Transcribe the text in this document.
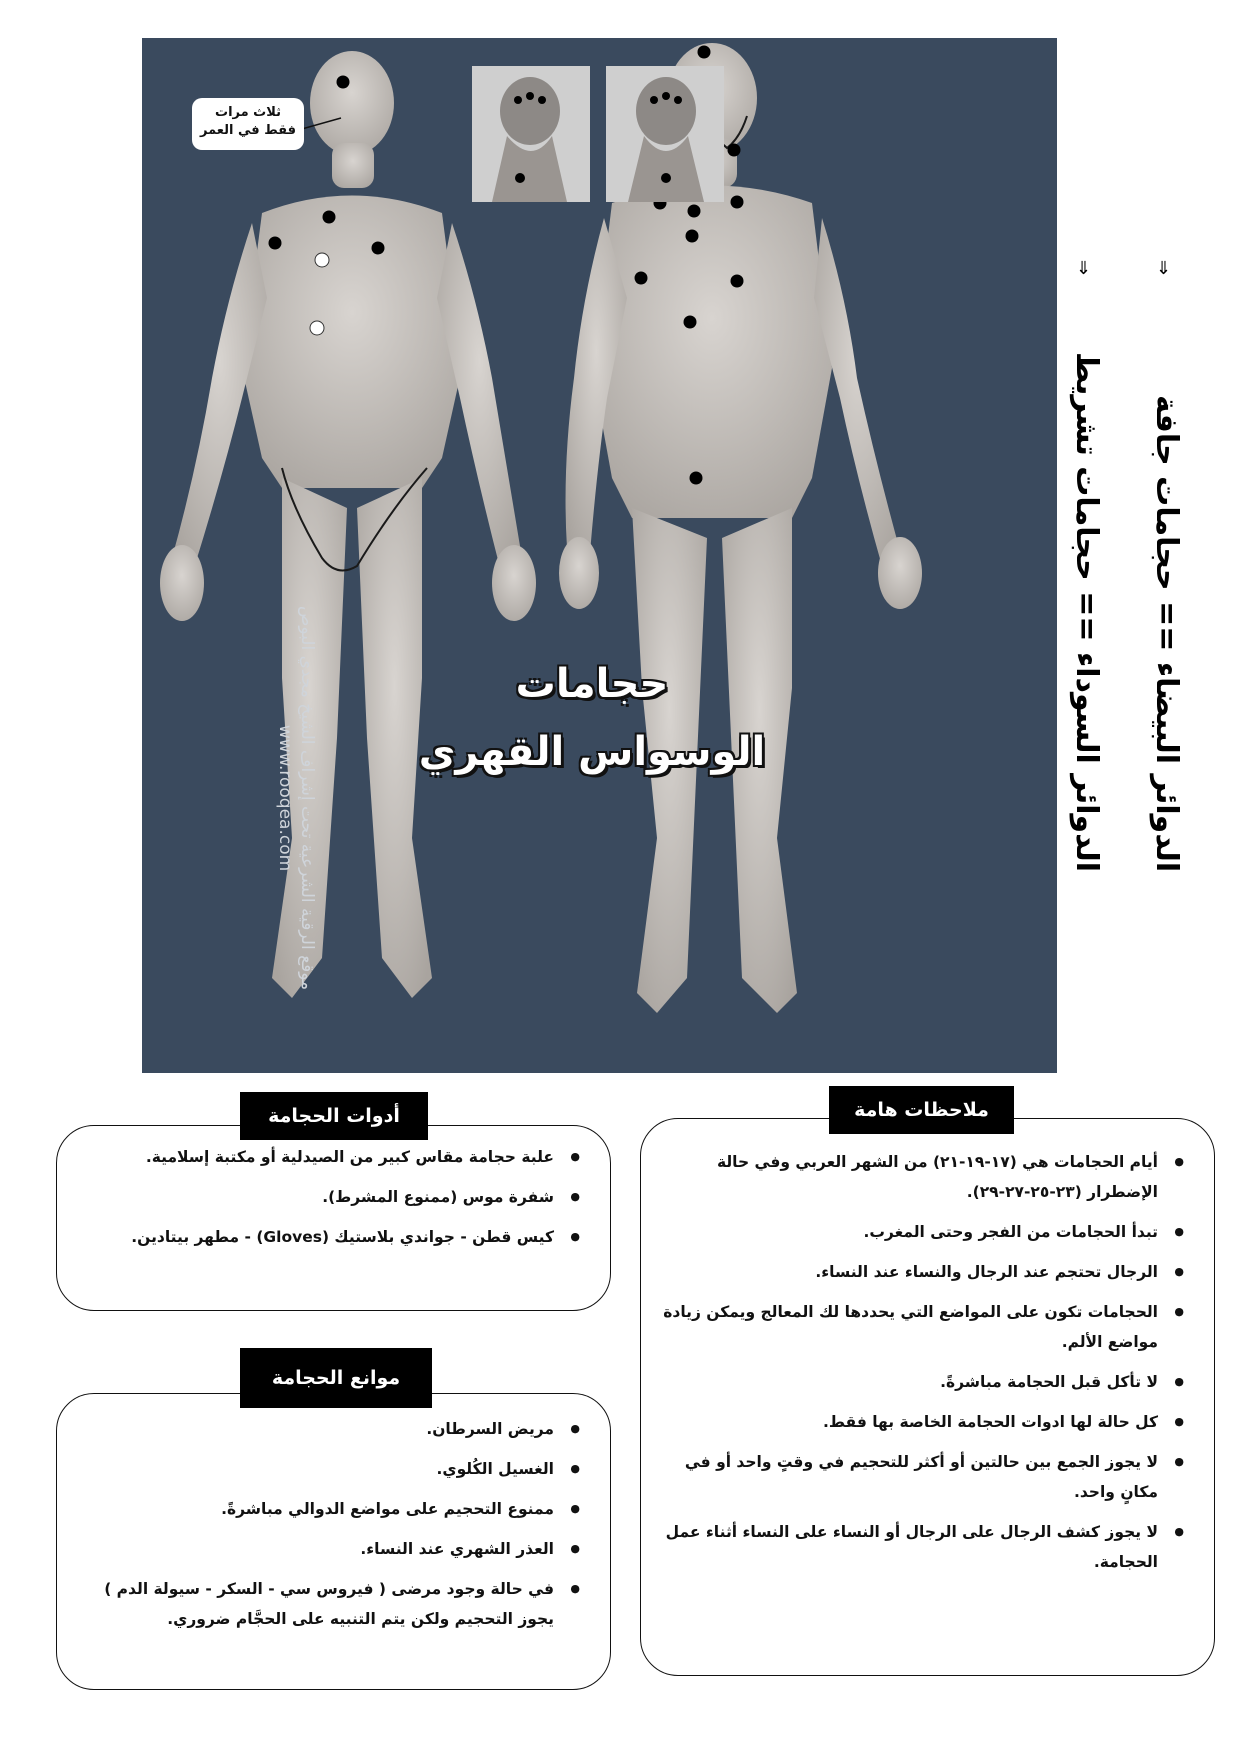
ثلاث مرات
فقط في العمر
حجامات
الوسواس القهري
موقع الرقية الشرعية تحت إشراف الشيخ مجدي البوص
www.rooqea.com
⇓
الدوائر السوداء == حجامات تشريط
⇓
الدوائر البيضاء == حجامات جافة
● أيام الحجامات هي (١٧-١٩-٢١) من الشهر العربي وفي حالة الإضطرار (٢٣-٢٥-٢٧-٢٩).
● تبدأ الحجامات من الفجر وحتى المغرب.
● الرجال تحتجم عند الرجال والنساء عند النساء.
● الحجامات تكون على المواضع التي يحددها لك المعالج ويمكن زيادة مواضع الألم.
● لا تأكل قبل الحجامة مباشرةً.
● كل حالة لها ادوات الحجامة الخاصة بها فقط.
● لا يجوز الجمع بين حالتين أو أكثر للتحجيم في وقتٍ واحد أو في مكانٍ واحد.
● لا يجوز كشف الرجال على الرجال أو النساء على النساء أثناء عمل الحجامة.
ملاحظات هامة
● علبة حجامة مقاس كبير من الصيدلية أو مكتبة إسلامية.
● شفرة موس (ممنوع المشرط).
● كيس قطن - جواندي بلاستيك (Gloves) - مطهر بيتادين.
أدوات الحجامة
● مريض السرطان.
● الغسيل الكُلوي.
● ممنوع التحجيم على مواضع الدوالي مباشرةً.
● العذر الشهري عند النساء.
● في حالة وجود مرضى ( فيروس سي - السكر - سيولة الدم ) يجوز التحجيم ولكن يتم التنبيه على الحجَّام ضروري.
موانع الحجامة
